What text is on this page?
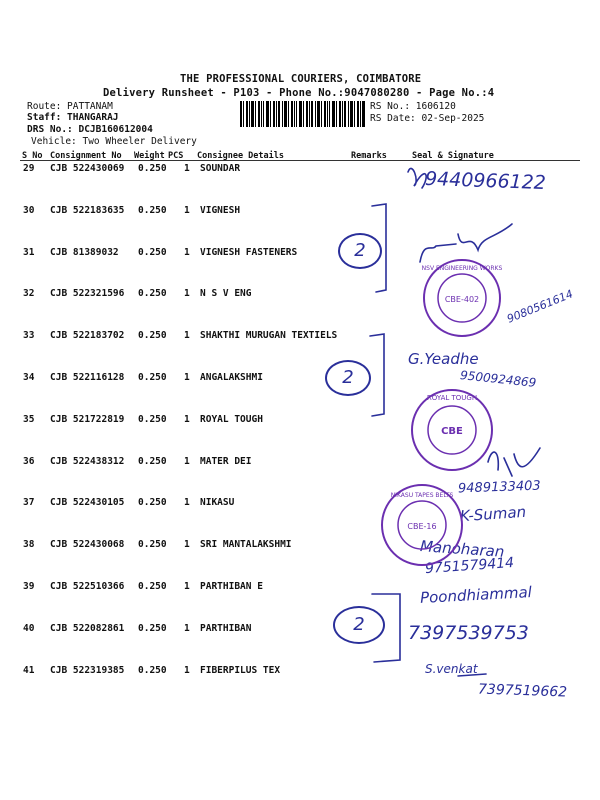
THE PROFESSIONAL COURIERS, COIMBATORE
Delivery Runsheet - P103 - Phone No.:9047080280 - Page No.:4
Route: PATTANAM
Staff: THANGARAJ
DRS No.: DCJB160612004
Vehicle: Two Wheeler Delivery
RS No.: 1606120
RS Date: 02-Sep-2025
S No Consignment No Weight PCS Consignee Details	Remarks	Seal & Signature
29 CJB 522430069 0.250 1 SOUNDAR
30 CJB 522183635 0.250 1 VIGNESH
31 CJB 81389032 0.250 1 VIGNESH FASTENERS
32 CJB 522321596 0.250 1 N S V ENG
33 CJB 522183702 0.250 1 SHAKTHI MURUGAN TEXTIELS
34 CJB 522116128 0.250 1 ANGALAKSHMI
35 CJB 521722819 0.250 1 ROYAL TOUGH
36 CJB 522438312 0.250 1 MATER DEI
37 CJB 522430105 0.250 1 NIKASU
38 CJB 522430068 0.250 1 SRI MANTALAKSHMI
39 CJB 522510366 0.250 1 PARTHIBAN E
40 CJB 522082861 0.250 1 PARTHIBAN
41 CJB 522319385 0.250 1 FIBERPILUS TEX
9440966122
9080561614
G.Yeadhe
9500924869
9489133403
K-Suman
Manoharan
9751579414
Poondhiammal
7397539753
S.venkat
7397519662
2
2
2
CBE-402
NSV ENGINEERING WORKS
CBE
ROYAL TOUGH
CBE-16
NIKASU TAPES BELTS
